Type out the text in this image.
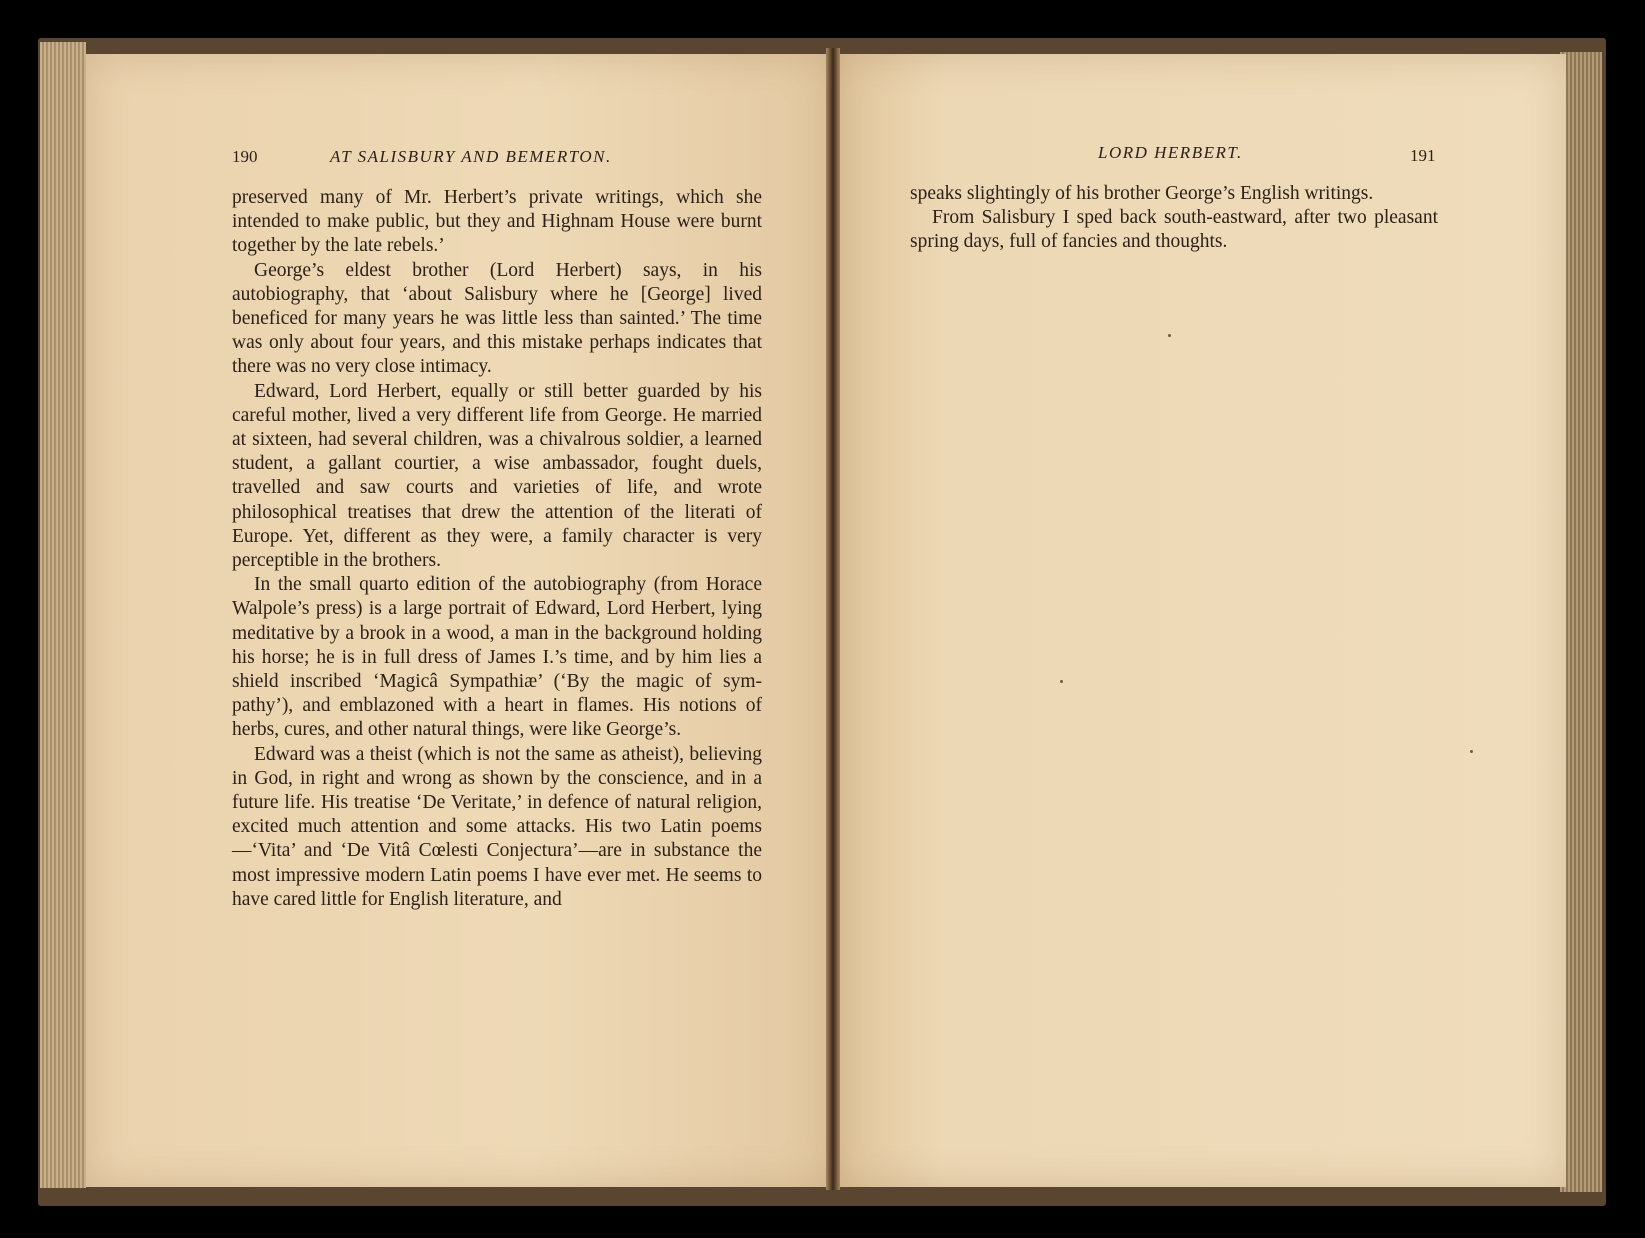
190	AT SALISBURY AND BEMERTON.

preserved many of Mr. Herbert’s private writings, which she intended to make public, but they and Highnam House were burnt together by the late rebels.’

George’s eldest brother (Lord Herbert) says, in his autobiography, that ‘about Salisbury where he [George] lived beneficed for many years he was little less than sainted.’ The time was only about four years, and this mistake perhaps indicates that there was no very close intimacy.

Edward, Lord Herbert, equally or still better guarded by his careful mother, lived a very different life from George. He married at sixteen, had several children, was a chivalrous soldier, a learned student, a gallant courtier, a wise ambassador, fought duels, travelled and saw courts and varieties of life, and wrote philosophical treatises that drew the attention of the literati of Europe. Yet, different as they were, a family character is very perceptible in the brothers.

In the small quarto edition of the autobiography (from Horace Walpole’s press) is a large portrait of Edward, Lord Herbert, lying meditative by a brook in a wood, a man in the background holding his horse; he is in full dress of James I.’s time, and by him lies a shield inscribed ‘Magicâ Sympathiæ’ (‘By the magic of sympathy’), and emblazoned with a heart in flames. His notions of herbs, cures, and other natural things, were like George’s.

Edward was a theist (which is not the same as atheist), believing in God, in right and wrong as shown by the conscience, and in a future life. His treatise ‘De Veritate,’ in defence of natural religion, excited much attention and some attacks. His two Latin poems—‘Vita’ and ‘De Vitâ Cœlesti Conjectura’—are in substance the most impressive modern Latin poems I have ever met. He seems to have cared little for English literature, and

LORD HERBERT.	191

speaks slightingly of his brother George’s English writings.

From Salisbury I sped back south-eastward, after two pleasant spring days, full of fancies and thoughts.
